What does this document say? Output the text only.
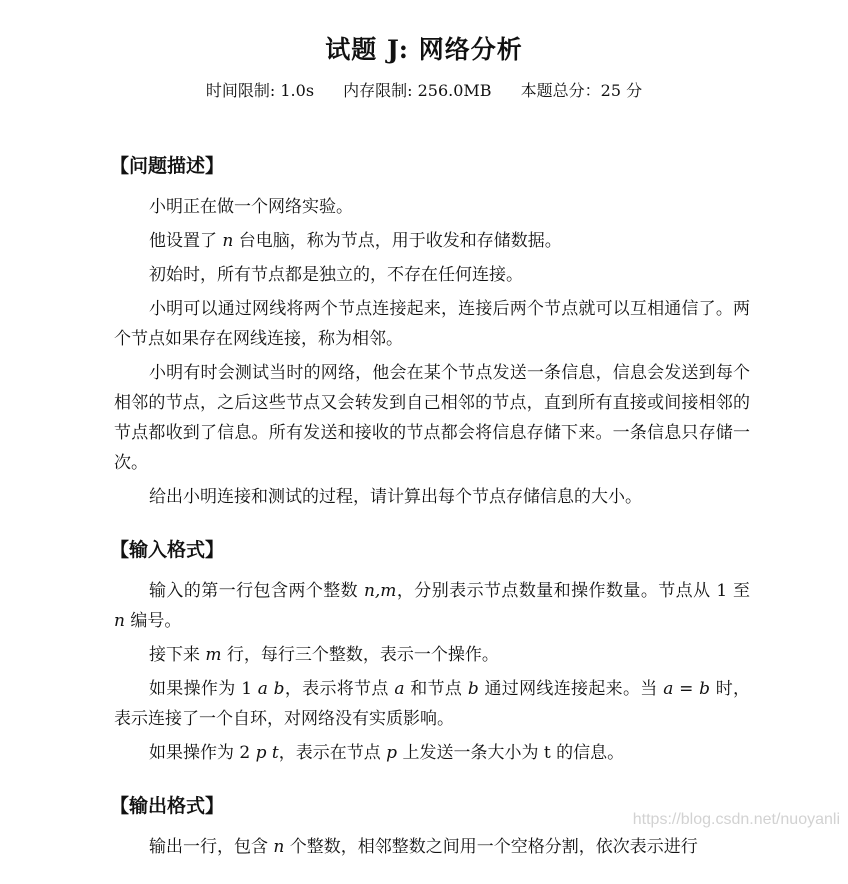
试题 J: 网络分析
时间限制: 1.0s 内存限制: 256.0MB 本题总分：25 分
【问题描述】

小明正在做一个网络实验。

他设置了 n 台电脑，称为节点，用于收发和存储数据。

初始时，所有节点都是独立的，不存在任何连接。

小明可以通过网线将两个节点连接起来，连接后两个节点就可以互相通信了。两个节点如果存在网线连接，称为相邻。

小明有时会测试当时的网络，他会在某个节点发送一条信息，信息会发送到每个相邻的节点，之后这些节点又会转发到自己相邻的节点，直到所有直接或间接相邻的节点都收到了信息。所有发送和接收的节点都会将信息存储下来。一条信息只存储一次。

给出小明连接和测试的过程，请计算出每个节点存储信息的大小。

【输入格式】

输入的第一行包含两个整数 n,m，分别表示节点数量和操作数量。节点从 1 至 n 编号。

接下来 m 行，每行三个整数，表示一个操作。

如果操作为 1 a b，表示将节点 a 和节点 b 通过网线连接起来。当 a = b 时，表示连接了一个自环，对网络没有实质影响。

如果操作为 2 p t，表示在节点 p 上发送一条大小为 t 的信息。

【输出格式】

输出一行，包含 n 个整数，相邻整数之间用一个空格分割，依次表示进行

https://blog.csdn.net/nuoyanli
